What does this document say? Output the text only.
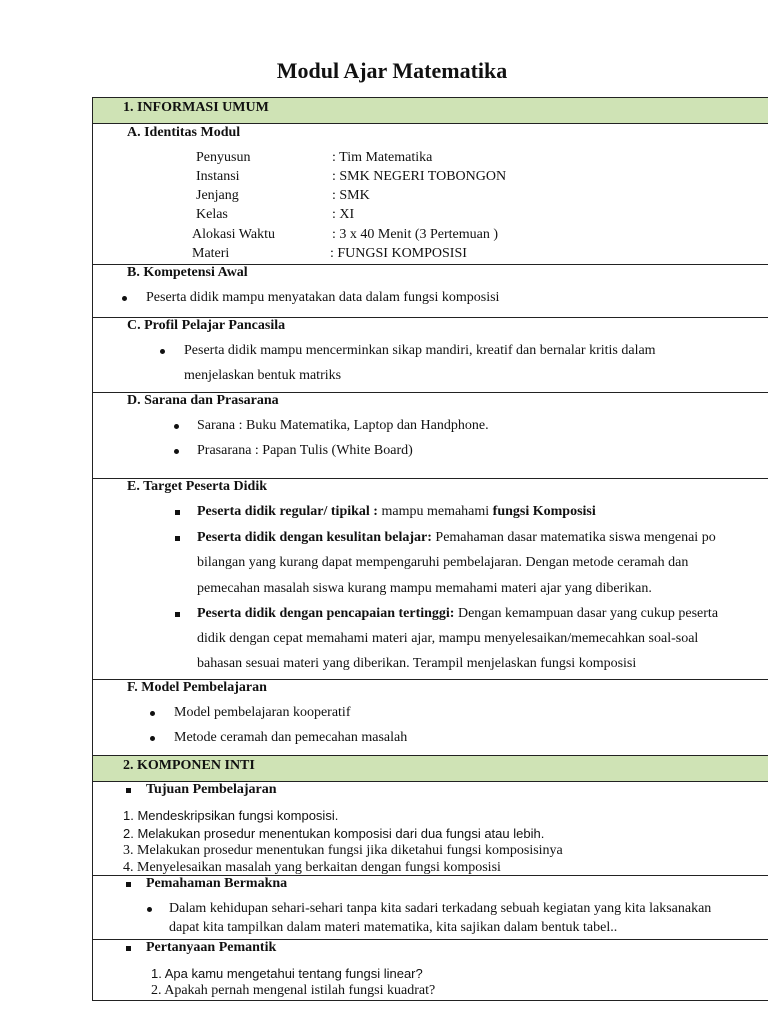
Modul Ajar Matematika
1. INFORMASI UMUM
A. Identitas Modul
Penyusun	: Tim Matematika
Instansi	: SMK NEGERI TOBONGON
Jenjang	: SMK
Kelas	: XI
Alokasi Waktu	: 3 x 40 Menit (3 Pertemuan )
Materi	: FUNGSI KOMPOSISI
B. Kompetensi Awal
Peserta didik mampu menyatakan data dalam fungsi komposisi
C. Profil Pelajar Pancasila
Peserta didik mampu mencerminkan sikap mandiri, kreatif dan bernalar kritis dalam
menjelaskan bentuk matriks
D. Sarana dan Prasarana
Sarana : Buku Matematika, Laptop dan Handphone.
Prasarana : Papan Tulis (White Board)
E. Target Peserta Didik
Peserta didik regular/ tipikal : mampu memahami fungsi Komposisi
Peserta didik dengan kesulitan belajar: Pemahaman dasar matematika siswa mengenai po
bilangan yang kurang dapat mempengaruhi pembelajaran. Dengan metode ceramah dan
pemecahan masalah siswa kurang mampu memahami materi ajar yang diberikan.
Peserta didik dengan pencapaian tertinggi: Dengan kemampuan dasar yang cukup peserta
didik dengan cepat memahami materi ajar, mampu menyelesaikan/memecahkan soal-soal
bahasan sesuai materi yang diberikan. Terampil menjelaskan fungsi komposisi
F. Model Pembelajaran
Model pembelajaran kooperatif
Metode ceramah dan pemecahan masalah
2. KOMPONEN INTI
Tujuan Pembelajaran
1. Mendeskripsikan fungsi komposisi.
2. Melakukan prosedur menentukan komposisi dari dua fungsi atau lebih.
3. Melakukan prosedur menentukan fungsi jika diketahui fungsi komposisinya
4. Menyelesaikan masalah yang berkaitan dengan fungsi komposisi
Pemahaman Bermakna
Dalam kehidupan sehari-sehari tanpa kita sadari terkadang sebuah kegiatan yang kita laksanakan
dapat kita tampilkan dalam materi matematika, kita sajikan dalam bentuk tabel..
Pertanyaan Pemantik
1. Apa kamu mengetahui tentang fungsi linear?
2. Apakah pernah mengenal istilah fungsi kuadrat?
